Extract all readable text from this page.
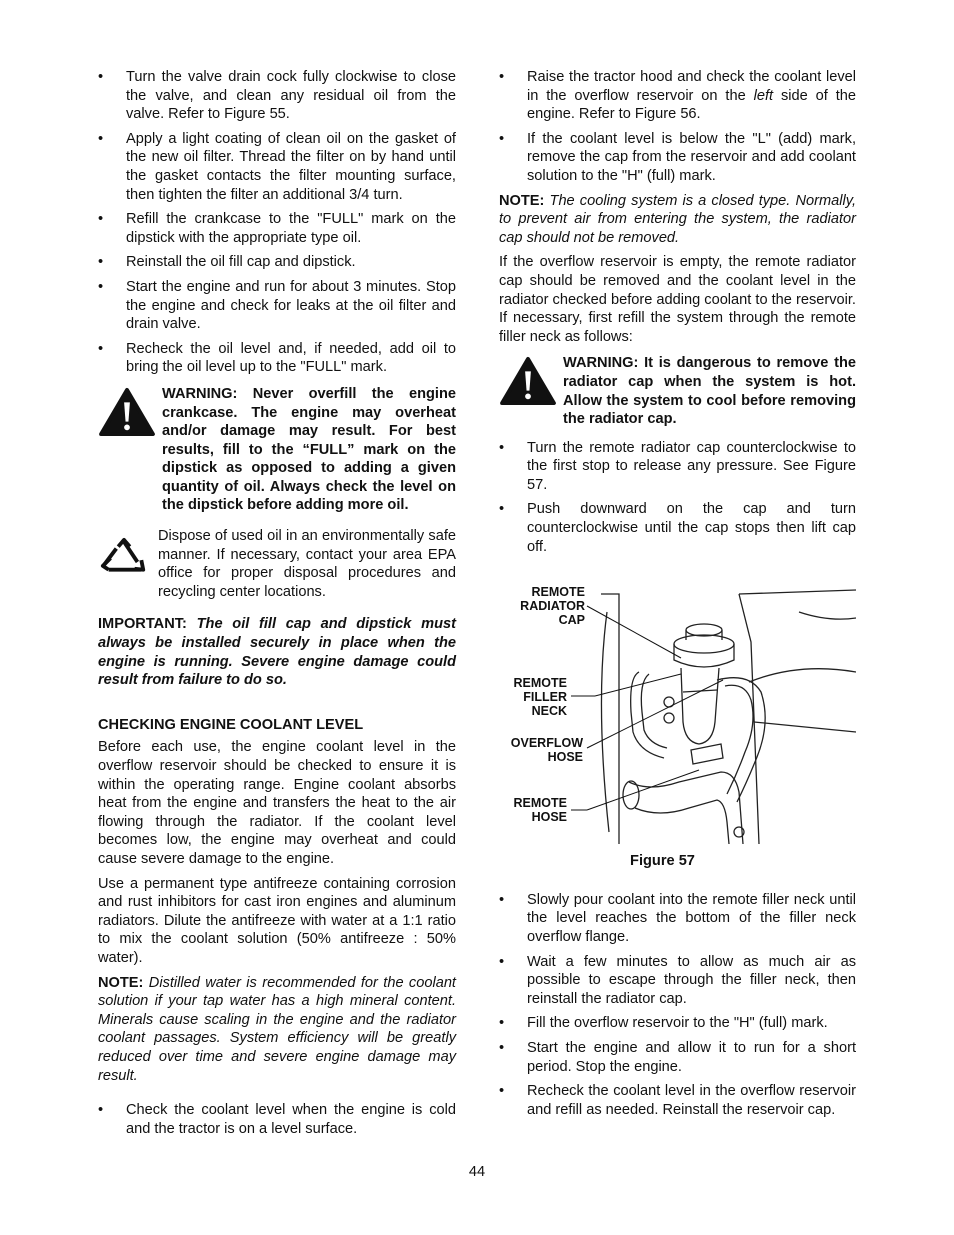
• Turn the valve drain cock fully clockwise to close the valve, and clean any residual oil from the valve. Refer to Figure 55.
• Apply a light coating of clean oil on the gasket of the new oil filter. Thread the filter on by hand until the gasket contacts the filter mounting surface, then tighten the filter an additional 3/4 turn.
• Refill the crankcase to the "FULL" mark on the dipstick with the appropriate type oil.
• Reinstall the oil fill cap and dipstick.
• Start the engine and run for about 3 minutes. Stop the engine and check for leaks at the oil filter and drain valve.
• Recheck the oil level and, if needed, add oil to bring the oil level up to the "FULL" mark.
WARNING: Never overfill the engine crankcase. The engine may overheat and/or damage may result. For best results, fill to the “FULL” mark on the dipstick as opposed to adding a given quantity of oil. Always check the level on the dipstick before adding more oil.
Dispose of used oil in an environmentally safe manner. If necessary, contact your area EPA office for proper disposal procedures and recycling center locations.
IMPORTANT: The oil fill cap and dipstick must always be installed securely in place when the engine is running. Severe engine damage could result from failure to do so.
CHECKING ENGINE COOLANT LEVEL
Before each use, the engine coolant level in the overflow reservoir should be checked to ensure it is within the operating range. Engine coolant absorbs heat from the engine and transfers the heat to the air flowing through the radiator. If the coolant level becomes low, the engine may overheat and could cause severe damage to the engine.
Use a permanent type antifreeze containing corrosion and rust inhibitors for cast iron engines and aluminum radiators. Dilute the antifreeze with water at a 1:1 ratio to mix the coolant solution (50% antifreeze : 50% water).
NOTE: Distilled water is recommended for the coolant solution if your tap water has a high mineral content. Minerals cause scaling in the engine and the radiator coolant passages. System efficiency will be greatly reduced over time and severe engine damage may result.
• Check the coolant level when the engine is cold and the tractor is on a level surface.
• Raise the tractor hood and check the coolant level in the overflow reservoir on the left side of the engine. Refer to Figure 56.
• If the coolant level is below the "L" (add) mark, remove the cap from the reservoir and add coolant solution to the "H" (full) mark.
NOTE: The cooling system is a closed type. Normally, to prevent air from entering the system, the radiator cap should not be removed.
If the overflow reservoir is empty, the remote radiator cap should be removed and the coolant level in the radiator checked before adding coolant to the reservoir. If necessary, first refill the system through the remote filler neck as follows:
WARNING: It is dangerous to remove the radiator cap when the system is hot. Allow the system to cool before removing the radiator cap.
• Turn the remote radiator cap counterclockwise to the first stop to release any pressure. See Figure 57.
• Push downward on the cap and turn counterclockwise until the cap stops then lift cap off.
REMOTE
RADIATOR
CAP
REMOTE
FILLER
NECK
OVERFLOW
HOSE
REMOTE
HOSE
Figure 57
• Slowly pour coolant into the remote filler neck until the level reaches the bottom of the filler neck overflow flange.
• Wait a few minutes to allow as much air as possible to escape through the filler neck, then reinstall the radiator cap.
• Fill the overflow reservoir to the "H" (full) mark.
• Start the engine and allow it to run for a short period. Stop the engine.
• Recheck the coolant level in the overflow reservoir and refill as needed. Reinstall the reservoir cap.
44
